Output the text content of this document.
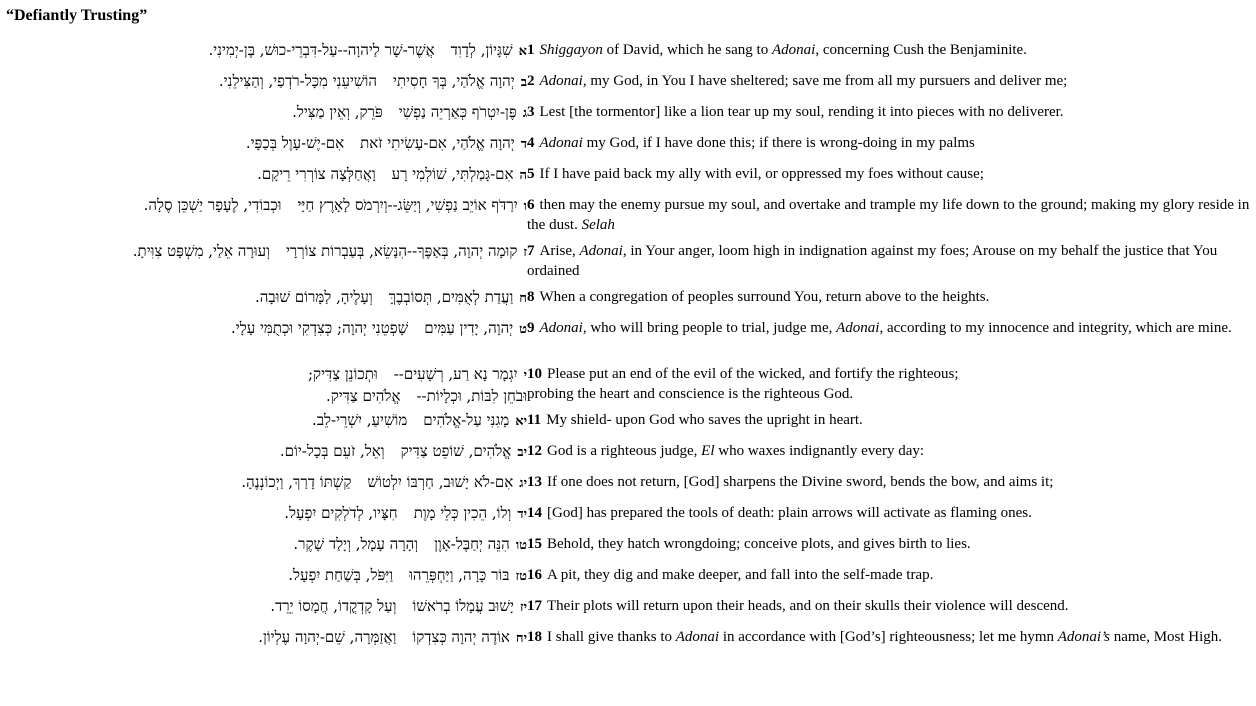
“Defiantly Trusting”
אשִׁגָּיוֹן, לְדָוִדאֲשֶׁר-שָׁר לַיהוָה--עַל-דִּבְרֵי-כוּשׁ, בֶּן-יְמִינִי.	1 Shiggayon of David, which he sang to Adonai, concerning Cush the Benjaminite.
ביְהוָה אֱלֹהַי, בְּךָ חָסִיתִיהוֹשִׁיעֵנִי מִכָּל-רֹדְפַי, וְהַצִּילֵנִי.	2 Adonai, my God, in You I have sheltered; save me from all my pursuers and deliver me;
גפֶּן-יִטְרֹף כְּאַרְיֵה נַפְשִׁיפֹּרֵק, וְאֵין מַצִּיל.	3 Lest [the tormentor] like a lion tear up my soul, rending it into pieces with no deliverer.
דיְהוָה אֱלֹהַי, אִם-עָשִׂיתִי זֹאתאִם-יֶשׁ-עָוֶל בְּכַפָּי.	4 Adonai my God, if I have done this; if there is wrong-doing in my palms
האִם-גָּמַלְתִּי, שׁוֹלְמִי רָעוָאֲחַלְּצָה צוֹרְרִי רֵיקָם.	5 If I have paid back my ally with evil, or oppressed my foes without cause;
ויִרַדֹּף אוֹיֵב נַפְשִׁי, וְיַשֵּׂג--וְיִרְמֹס לָאָרֶץ חַיָּיוּכְבוֹדִי, לֶעָפָר יַשְׁכֵּן סֶלָה.	6 then may the enemy pursue my soul, and overtake and trample my life down to the ground; making my glory reside in the dust. Selah
זקוּמָה יְהוָה, בְּאַפֶּךָ--הִנָּשֵׂא, בְּעַבְרוֹת צוֹרְרָיוְעוּרָה אֵלַי, מִשְׁפָּט צִוִּיתָ.	7 Arise, Adonai, in Your anger, loom high in indignation against my foes; Arouse on my behalf the justice that You ordained
חוַעֲדַת לְאֻמִּים, תְּסוֹבְבֶךָּוְעָלֶיהָ, לַמָּרוֹם שׁוּבָה.	8 When a congregation of peoples surround You, return above to the heights.
טיְהוָה, יָדִין עַמִּיםשָׁפְטֵנִי יְהוָה; כְּצִדְקִי וּכְתֻמִּי עָלָי.	9 Adonai, who will bring people to trial, judge me, Adonai, according to my innocence and integrity, which are mine.

ייִגְמָר נָא רַע, רְשָׁעִים--וּתְכוֹנֵן צַדִּיק;
וּבֹחֵן לִבּוֹת, וּכְלָיוֹת--אֱלֹהִים צַדִּיק.	10 Please put an end of the evil of the wicked, and fortify the righteous;
probing the heart and conscience is the righteous God.
יאמָגִנִּי עַל-אֱלֹהִיםמוֹשִׁיעַ, יִשְׁרֵי-לֵב.	11 My shield- upon God who saves the upright in heart.
יבאֱלֹהִים, שׁוֹפֵט צַדִּיקוְאֵל, זֹעֵם בְּכָל-יוֹם.	12 God is a righteous judge, El who waxes indignantly every day:
יגאִם-לֹא יָשׁוּב, חַרְבּוֹ יִלְטוֹשׁקַשְׁתּוֹ דָרַךְ, וַיְכוֹנְנֶהָ.	13 If one does not return, [God] sharpens the Divine sword, bends the bow, and aims it;
ידוְלוֹ, הֵכִין כְּלֵי מָוֶתחִצָּיו, לְדֹלְקִים יִפְעָל.	14 [God] has prepared the tools of death: plain arrows will activate as flaming ones.
טוהִנֵּה יְחַבֶּל-אָוֶןוְהָרָה עָמָל, וְיָלַד שָׁקֶר.	15 Behold, they hatch wrongdoing; conceive plots, and gives birth to lies.
טזבּוֹר כָּרָה, וַיַּחְפְּרֵהוּוַיִּפֹּל, בְּשַׁחַת יִפְעָל.	16 A pit, they dig and make deeper, and fall into the self-made trap.
יזיָשׁוּב עֲמָלוֹ בְרֹאשׁוֹוְעַל קָדְקֳדוֹ, חֲמָסוֹ יֵרֵד.	17 Their plots will return upon their heads, and on their skulls their violence will descend.
יחאוֹדֶה יְהוָה כְּצִדְקוֹוַאֲזַמְּרָה, שֵׁם-יְהוָה עֶלְיוֹן.	18 I shall give thanks to Adonai in accordance with [God’s] righteousness; let me hymn Adonai’s name, Most High.
